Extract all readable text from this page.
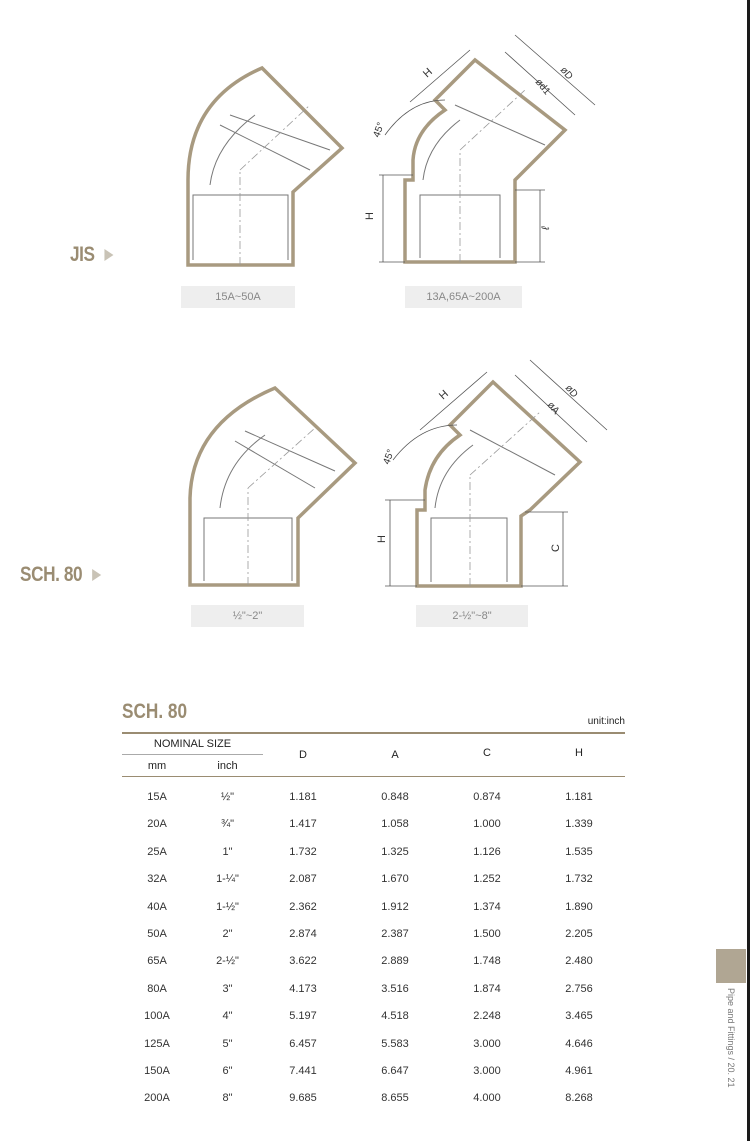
JIS
H
ℓ
45°
H	øD
ød1
15A~50A	13A,65A~200A
SCH. 80
H
C
45°
H	øD
øA
½"~2"	2-½"~8"
SCH. 80	unit:inch
NOMINAL SIZE
mm	inch
D	A	C	H
15A	½"	1.181	0.848	0.874	1.181
20A	¾"	1.417	1.058	1.000	1.339
25A	1"	1.732	1.325	1.126	1.535
32A	1-¼"	2.087	1.670	1.252	1.732
40A	1-½"	2.362	1.912	1.374	1.890
50A	2"	2.874	2.387	1.500	2.205
65A	2-½"	3.622	2.889	1.748	2.480
80A	3"	4.173	3.516	1.874	2.756
100A	4"	5.197	4.518	2.248	3.465
125A	5"	6.457	5.583	3.000	4.646
150A	6"	7.441	6.647	3.000	4.961
200A	8"	9.685	8.655	4.000	8.268
Pipe and Fittings / 20. 21
